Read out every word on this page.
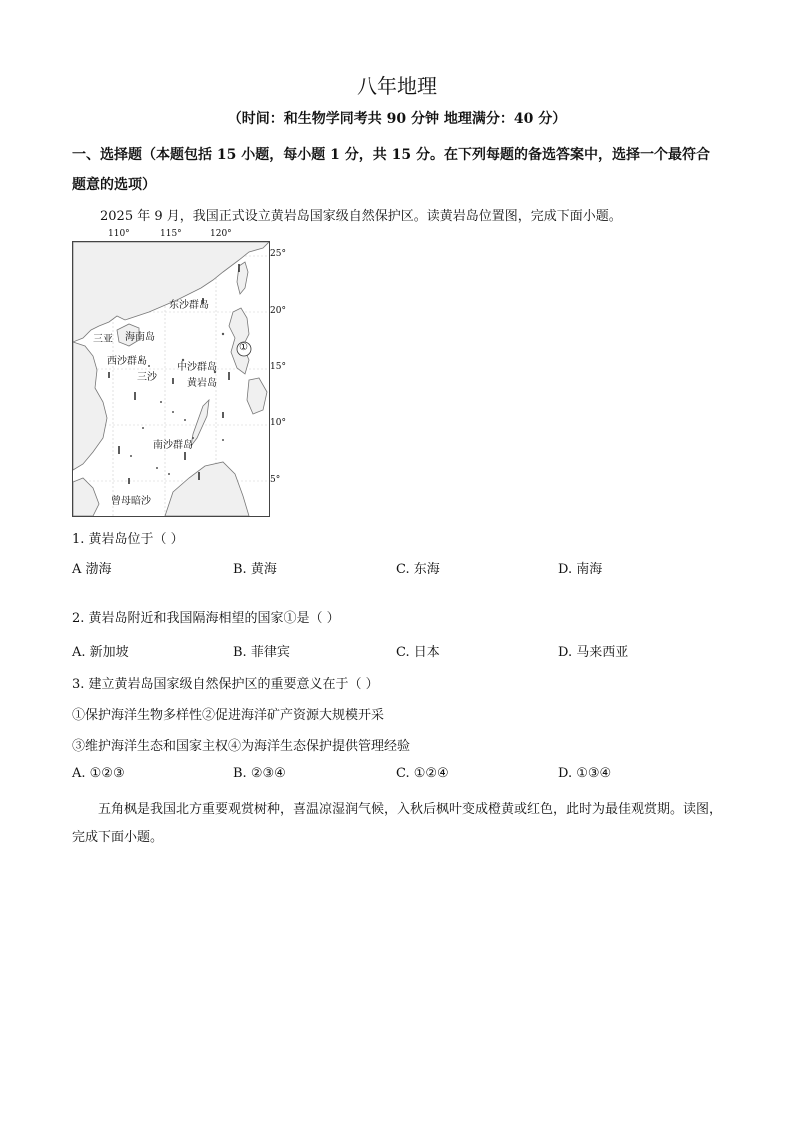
八年地理
（时间：和生物学同考共 90 分钟 地理满分：40 分）
一、选择题（本题包括 15 小题，每小题 1 分，共 15 分。在下列每题的备选答案中，选择一个最符合题意的选项）
2025 年 9 月，我国正式设立黄岩岛国家级自然保护区。读黄岩岛位置图，完成下面小题。
110°	115°	120°
25°
20°
15°
10°
5°
东沙群岛
三亚 海南岛
西沙群岛
三沙
中沙群岛
黄岩岛
南沙群岛
曾母暗沙
①
1. 黄岩岛位于（ ）
A 渤海	B. 黄海	C. 东海	D. 南海
2. 黄岩岛附近和我国隔海相望的国家①是（ ）
A. 新加坡	B. 菲律宾	C. 日本	D. 马来西亚
3. 建立黄岩岛国家级自然保护区的重要意义在于（ ）
①保护海洋生物多样性②促进海洋矿产资源大规模开采
③维护海洋生态和国家主权④为海洋生态保护提供管理经验
A. ①②③	B. ②③④	C. ①②④	D. ①③④
五角枫是我国北方重要观赏树种，喜温凉湿润气候，入秋后枫叶变成橙黄或红色，此时为最佳观赏期。读图，完成下面小题。
